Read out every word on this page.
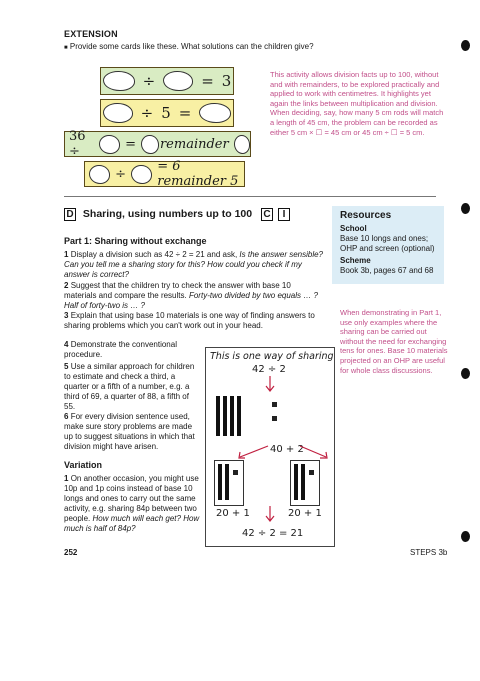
EXTENSION
■ Provide some cards like these. What solutions can the children give?
÷	= 3
÷ 5 =
36 ÷	= remainder
÷ = 6 remainder 5
This activity allows division facts up to 100, without and with remainders, to be explored practically and applied to work with centimetres. It highlights yet again the links between multiplication and division. When deciding, say, how many 5 cm rods will match a length of 45 cm, the problem can be recorded as either 5 cm × ☐ = 45 cm or 45 cm ÷ ☐ = 5 cm.
D Sharing, using numbers up to 100 C I	Resources
School
Base 10 longs and ones; OHP and screen (optional)
Scheme
Book 3b, pages 67 and 68
Part 1: Sharing without exchange
1 Display a division such as 42 ÷ 2 = 21 and ask, Is the answer sensible? Can you tell me a sharing story for this? How could you check if my answer is correct?
2 Suggest that the children try to check the answer with base 10 materials and compare the results. Forty-two divided by two equals … ? Half of forty-two is … ?
3 Explain that using base 10 materials is one way of finding answers to sharing problems which you can't work out in your head.
4 Demonstrate the conventional procedure.
5 Use a similar approach for children to estimate and check a third, a quarter or a fifth of a number, e.g. a third of 69, a quarter of 88, a fifth of 55.
6 For every division sentence used, make sure story problems are made up to suggest situations in which that division might have arisen.
When demonstrating in Part 1, use only examples where the sharing can be carried out without the need for exchanging tens for ones. Base 10 materials projected on an OHP are useful for whole class discussions.
This is one way of sharing
42 ÷ 2
40 + 2
20 + 1	20 + 1
42 ÷ 2 = 21
Variation
1 On another occasion, you might use 10p and 1p coins instead of base 10 longs and ones to carry out the same activity, e.g. sharing 84p between two people. How much will each get? How much is half of 84p?
252	STEPS 3b
